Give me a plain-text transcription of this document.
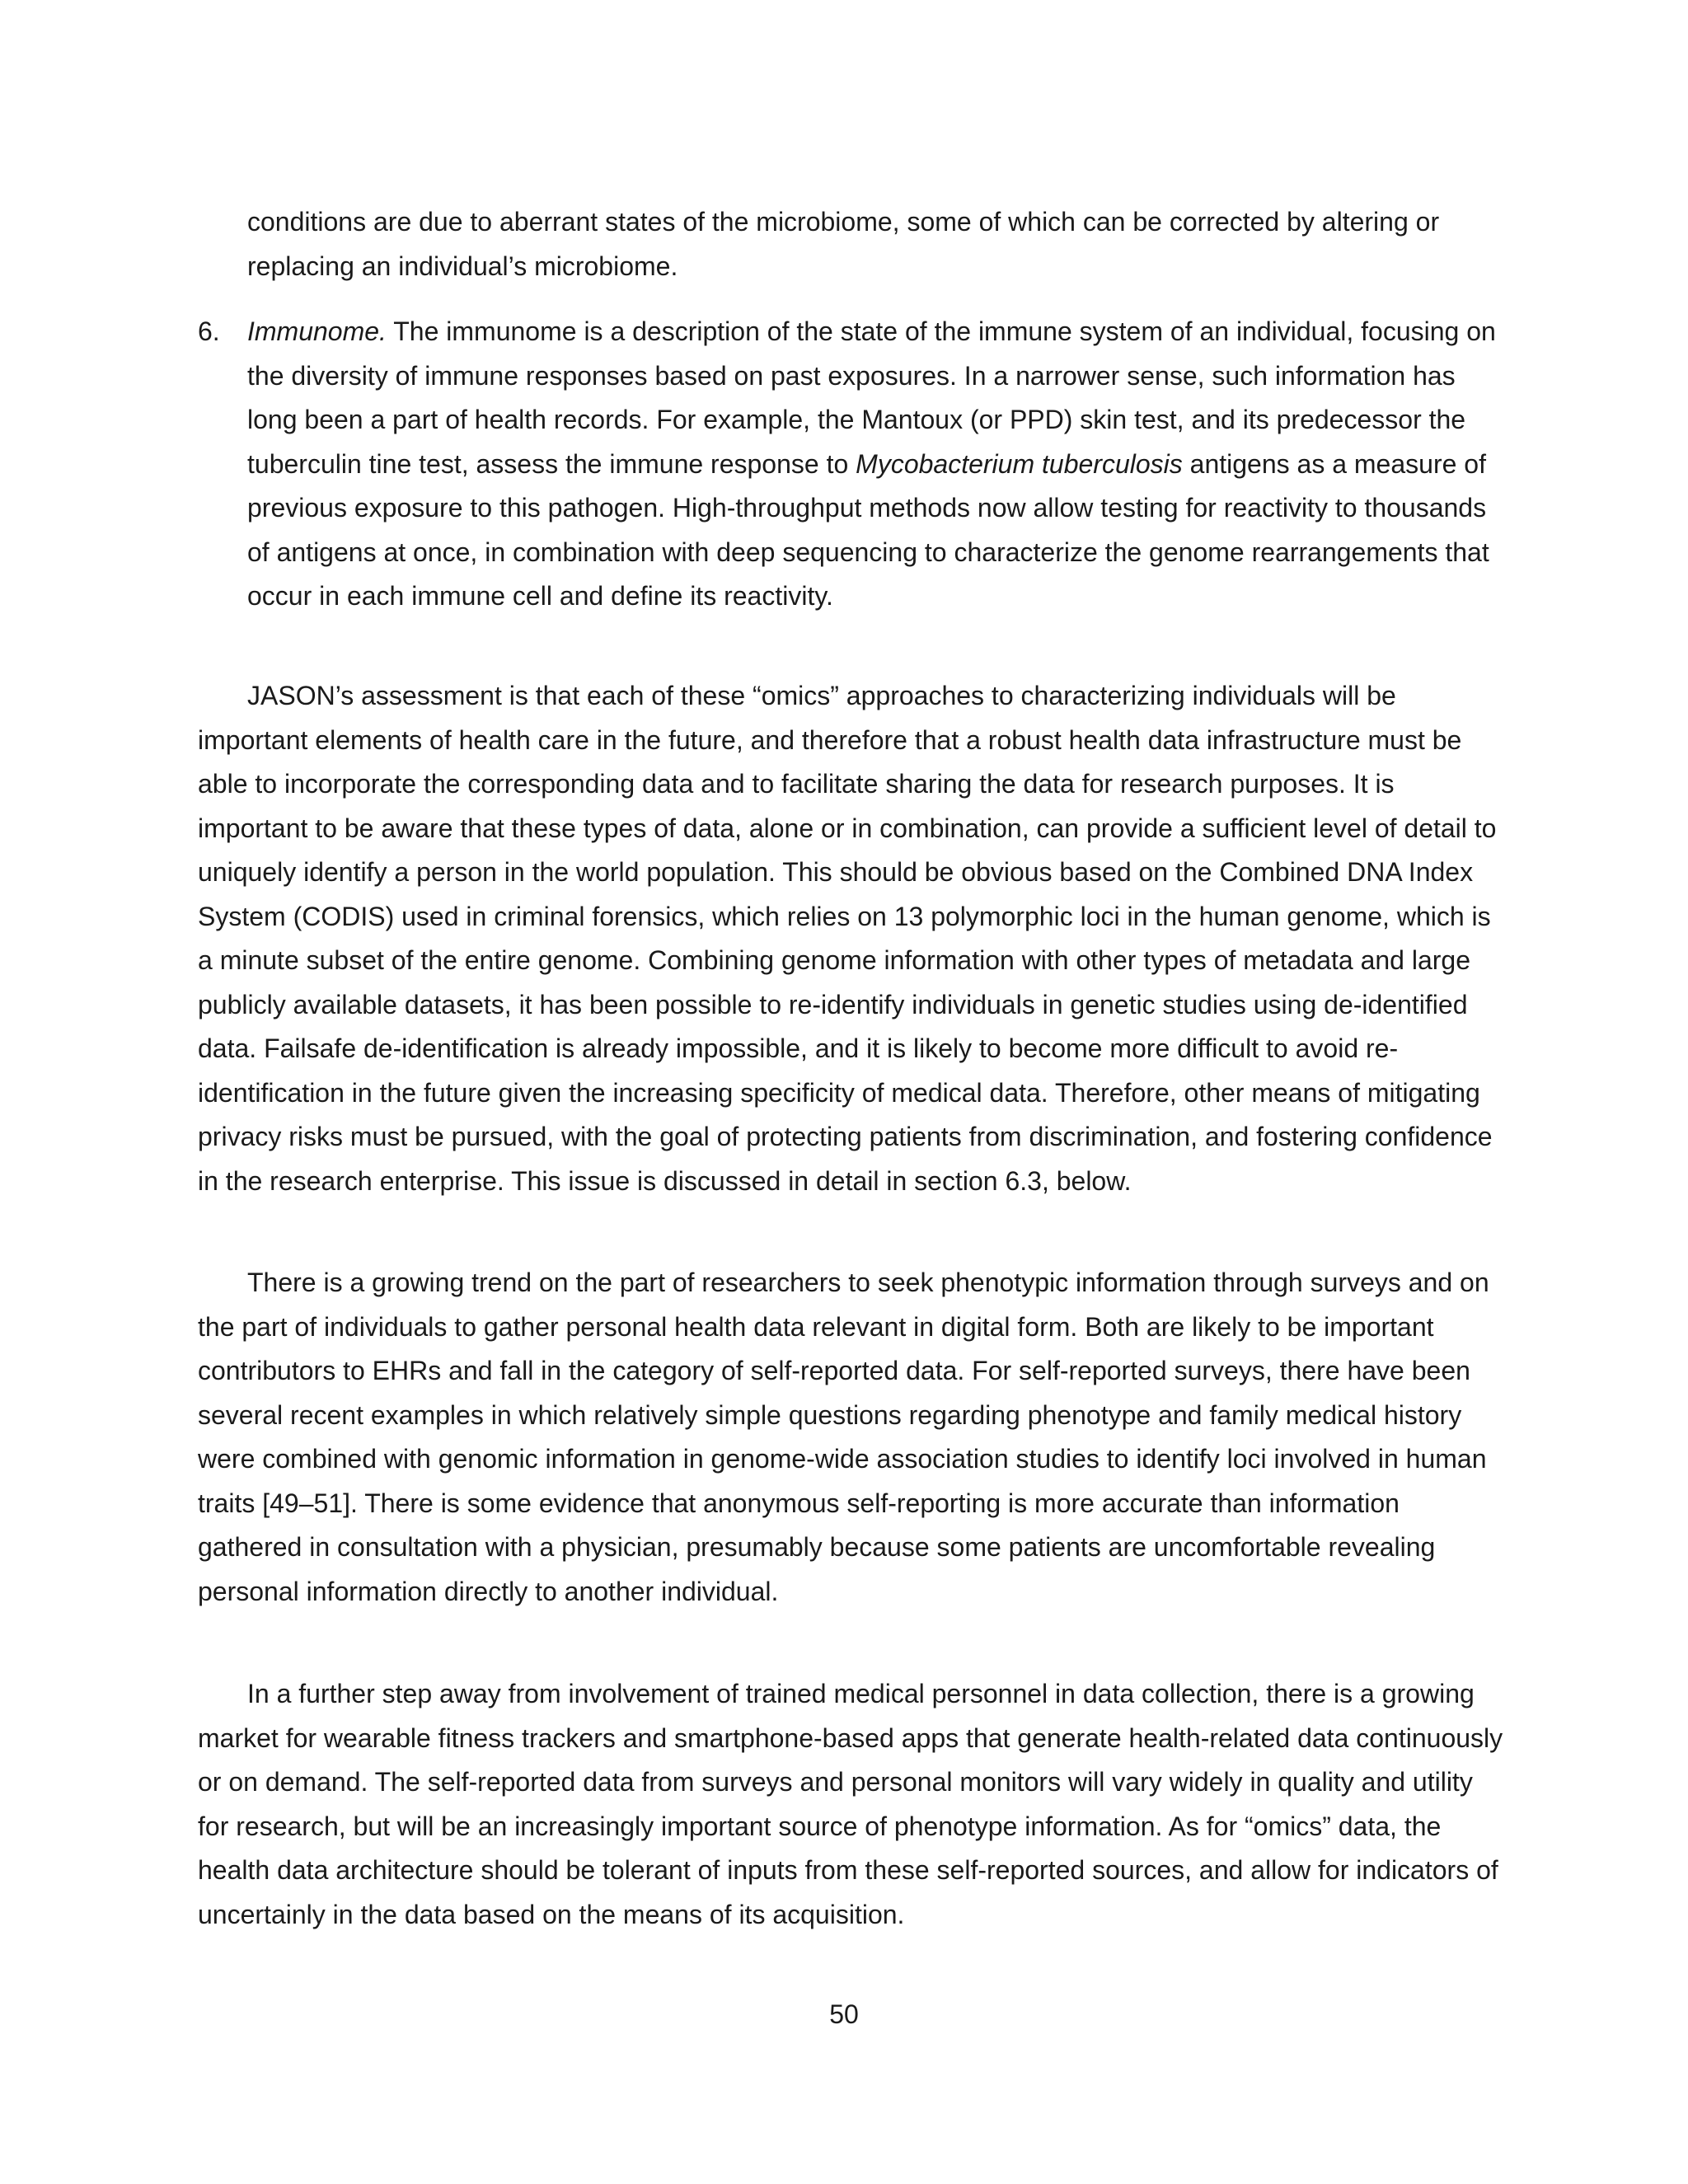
conditions are due to aberrant states of the microbiome, some of which can be corrected by altering or replacing an individual’s microbiome.

6. Immunome. The immunome is a description of the state of the immune system of an individual, focusing on the diversity of immune responses based on past exposures. In a narrower sense, such information has long been a part of health records. For example, the Mantoux (or PPD) skin test, and its predecessor the tuberculin tine test, assess the immune response to Mycobacterium tuberculosis antigens as a measure of previous exposure to this pathogen. High-throughput methods now allow testing for reactivity to thousands of antigens at once, in combination with deep sequencing to characterize the genome rearrangements that occur in each immune cell and define its reactivity.

JASON’s assessment is that each of these “omics” approaches to characterizing individuals will be important elements of health care in the future, and therefore that a robust health data infrastructure must be able to incorporate the corresponding data and to facilitate sharing the data for research purposes. It is important to be aware that these types of data, alone or in combination, can provide a sufficient level of detail to uniquely identify a person in the world population. This should be obvious based on the Combined DNA Index System (CODIS) used in criminal forensics, which relies on 13 polymorphic loci in the human genome, which is a minute subset of the entire genome. Combining genome information with other types of metadata and large publicly available datasets, it has been possible to re-identify individuals in genetic studies using de-identified data. Failsafe de-identification is already impossible, and it is likely to become more difficult to avoid re-identification in the future given the increasing specificity of medical data. Therefore, other means of mitigating privacy risks must be pursued, with the goal of protecting patients from discrimination, and fostering confidence in the research enterprise. This issue is discussed in detail in section 6.3, below.

There is a growing trend on the part of researchers to seek phenotypic information through surveys and on the part of individuals to gather personal health data relevant in digital form. Both are likely to be important contributors to EHRs and fall in the category of self-reported data. For self-reported surveys, there have been several recent examples in which relatively simple questions regarding phenotype and family medical history were combined with genomic information in genome-wide association studies to identify loci involved in human traits [49–51]. There is some evidence that anonymous self-reporting is more accurate than information gathered in consultation with a physician, presumably because some patients are uncomfortable revealing personal information directly to another individual.

In a further step away from involvement of trained medical personnel in data collection, there is a growing market for wearable fitness trackers and smartphone-based apps that generate health-related data continuously or on demand. The self-reported data from surveys and personal monitors will vary widely in quality and utility for research, but will be an increasingly important source of phenotype information. As for “omics” data, the health data architecture should be tolerant of inputs from these self-reported sources, and allow for indicators of uncertainly in the data based on the means of its acquisition.

50
